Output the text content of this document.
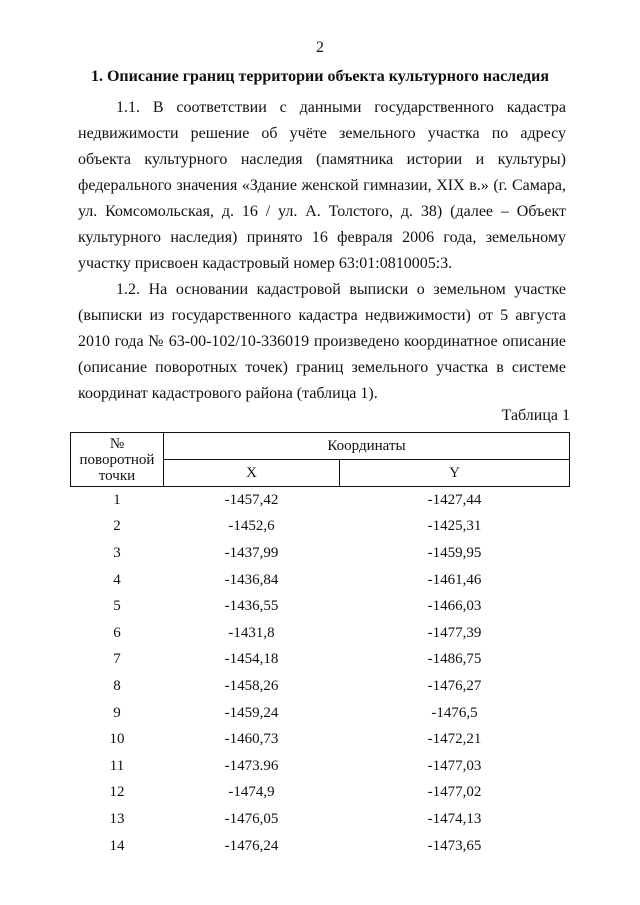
2
1. Описание границ территории объекта культурного наследия

1.1. В соответствии с данными государственного кадастра недвижимости решение об учёте земельного участка по адресу объекта культурного наследия (памятника истории и культуры) федерального значения «Здание женской гимназии, XIX в.» (г. Самара, ул. Комсомольская, д. 16 / ул. А. Толстого, д. 38) (далее – Объект культурного наследия) принято 16 февраля 2006 года, земельному участку присвоен кадастровый номер 63:01:0810005:3.

1.2. На основании кадастровой выписки о земельном участке (выписки из государственного кадастра недвижимости) от 5 августа 2010 года № 63-00-102/10-336019 произведено координатное описание (описание поворотных точек) границ земельного участка в системе координат кадастрового района (таблица 1).

Таблица 1
№ поворотной точки	Координаты	
	X	Y
1	-1457,42	-1427,44
2	-1452,6	-1425,31
3	-1437,99	-1459,95
4	-1436,84	-1461,46
5	-1436,55	-1466,03
6	-1431,8	-1477,39
7	-1454,18	-1486,75
8	-1458,26	-1476,27
9	-1459,24	-1476,5
10	-1460,73	-1472,21
11	-1473.96	-1477,03
12	-1474,9	-1477,02
13	-1476,05	-1474,13
14	-1476,24	-1473,65
